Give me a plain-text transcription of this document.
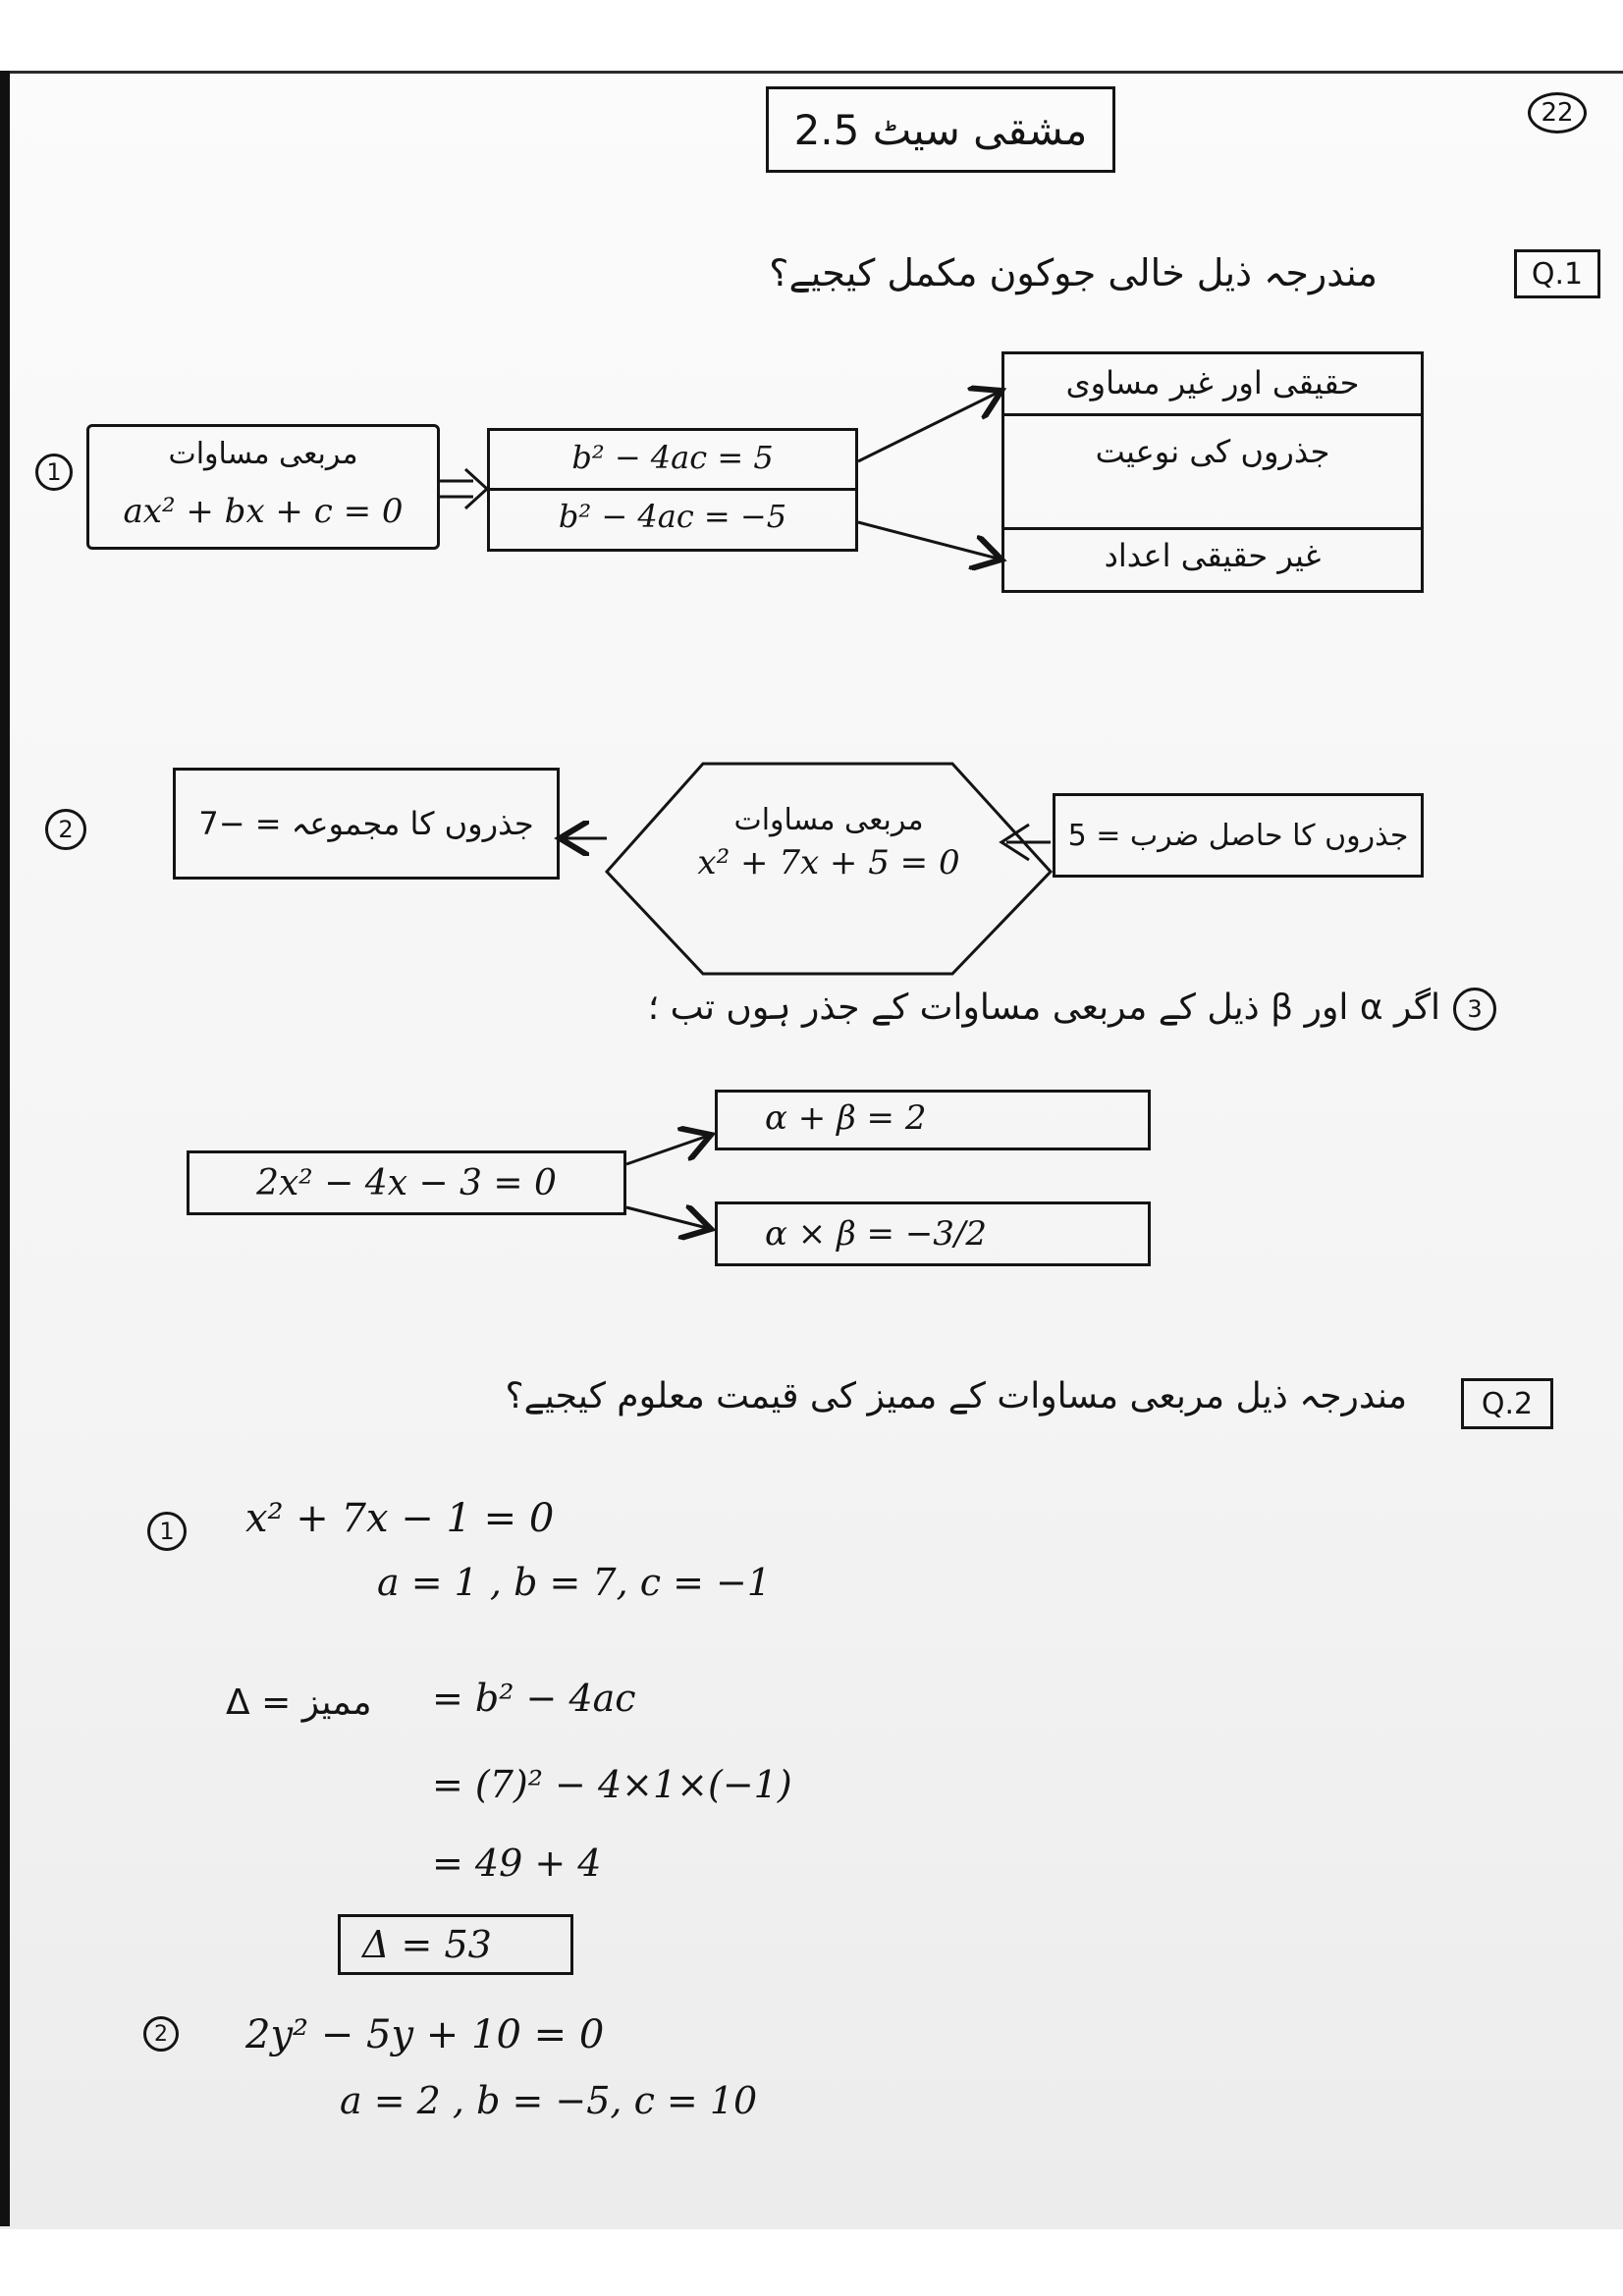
مشقی سیٹ 2.5	22
Q.1
مندرجہ ذیل خالی جوکون مکمل کیجیے؟
1
مربعی مساوات
ax² + bx + c = 0
b² − 4ac = 5
b² − 4ac = −5
حقیقی اور غیر مساوی
جذروں کی نوعیت
غیر حقیقی اعداد
2	جذروں کا مجموعہ = −7	مربعی مساوات
x² + 7x + 5 = 0
جذروں کا حاصل ضرب = 5
3
اگر α اور β ذیل کے مربعی مساوات کے جذر ہوں تب ؛
2x² − 4x − 3 = 0
α + β = 2
α × β = −3/2
Q.2
مندرجہ ذیل مربعی مساوات کے ممیز کی قیمت معلوم کیجیے؟
1 x² + 7x − 1 = 0
a = 1 , b = 7, c = −1
ممیز = Δ = b² − 4ac
= (7)² − 4×1×(−1)
= 49 + 4
Δ = 53
2 2y² − 5y + 10 = 0
a = 2 , b = −5, c = 10
